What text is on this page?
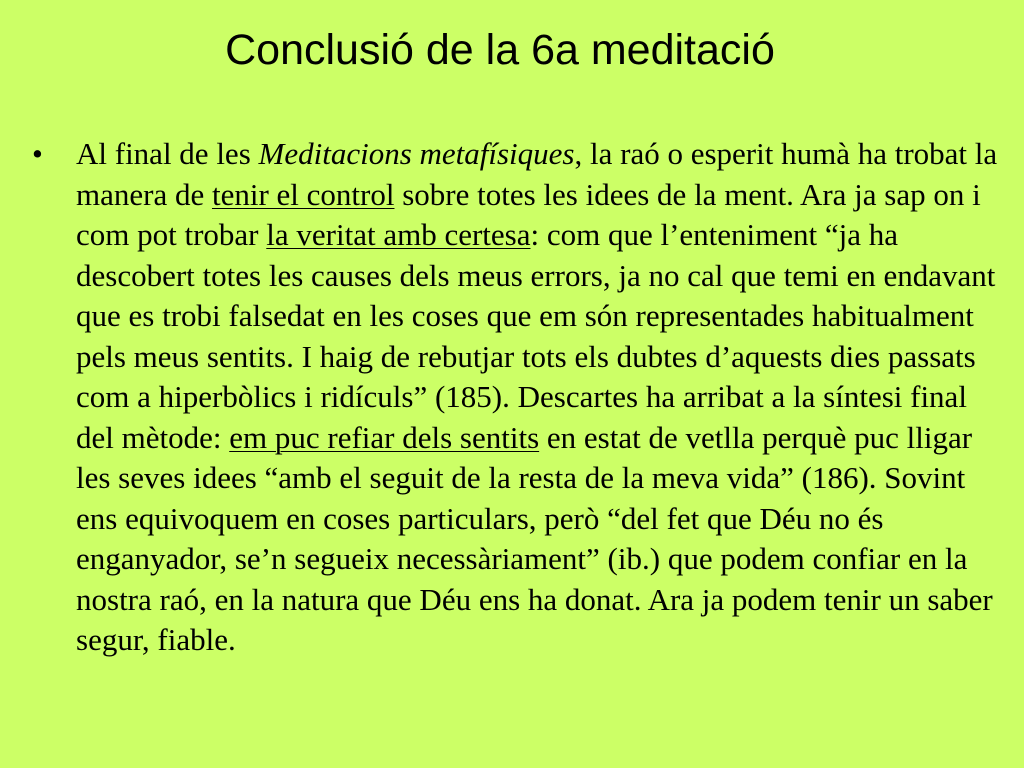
Conclusió de la 6a meditació
• Al final de les Meditacions metafísiques, la raó o esperit humà ha trobat la manera de tenir el control sobre totes les idees de la ment. Ara ja sap on i com pot trobar la veritat amb certesa: com que l’enteniment “ja ha descobert totes les causes dels meus errors, ja no cal que temi en endavant que es trobi falsedat en les coses que em són representades habitualment pels meus sentits. I haig de rebutjar tots els dubtes d’aquests dies passats com a hiperbòlics i ridículs” (185). Descartes ha arribat a la síntesi final del mètode: em puc refiar dels sentits en estat de vetlla perquè puc lligar les seves idees “amb el seguit de la resta de la meva vida” (186). Sovint ens equivoquem en coses particulars, però “del fet que Déu no és enganyador, se’n segueix necessàriament” (ib.) que podem confiar en la nostra raó, en la natura que Déu ens ha donat. Ara ja podem tenir un saber segur, fiable.
